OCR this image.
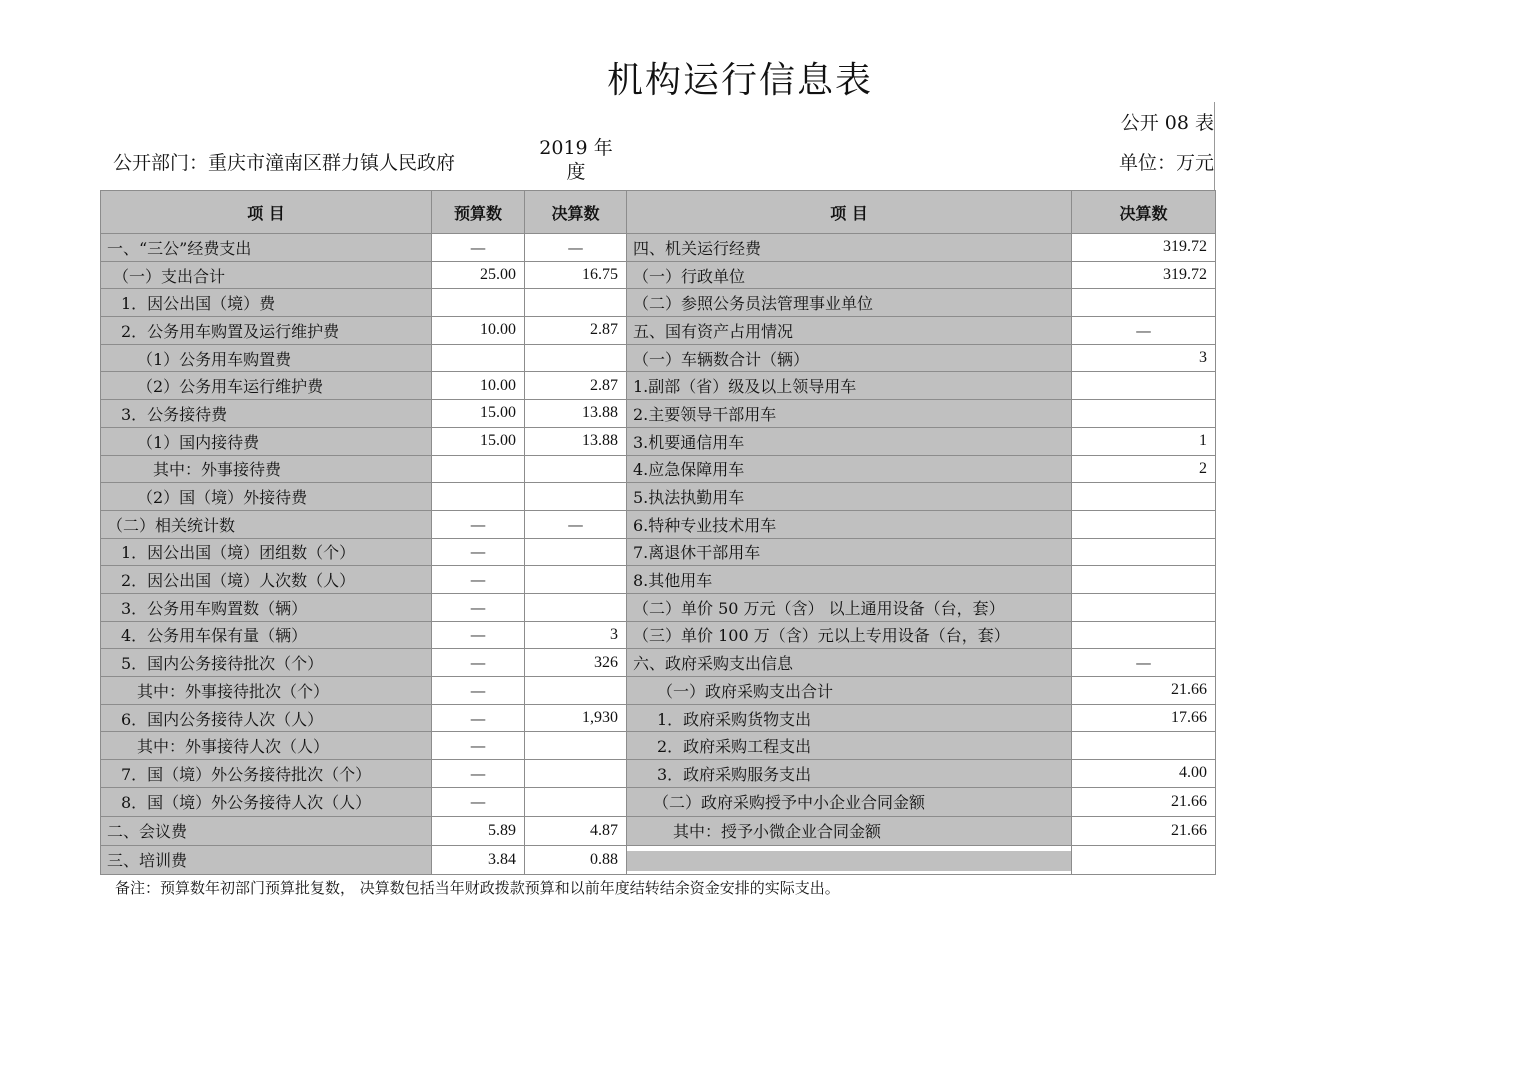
机构运行信息表
公开 08 表
公开部门：重庆市潼南区群力镇人民政府
2019 年度	单位：万元
项 目	预算数	决算数	项 目	决算数
一、“三公”经费支出	—	—	四、机关运行经费	319.72
（一）支出合计	25.00	16.75	（一）行政单位	319.72
1．因公出国（境）费			（二）参照公务员法管理事业单位	
2．公务用车购置及运行维护费	10.00	2.87	五、国有资产占用情况	—
（1）公务用车购置费			（一）车辆数合计（辆）	3
（2）公务用车运行维护费	10.00	2.87	1.副部（省）级及以上领导用车	
3．公务接待费	15.00	13.88	2.主要领导干部用车	
（1）国内接待费	15.00	13.88	3.机要通信用车	1
其中：外事接待费			4.应急保障用车	2
（2）国（境）外接待费			5.执法执勤用车	
（二）相关统计数	—	—	6.特种专业技术用车	
1．因公出国（境）团组数（个）	—		7.离退休干部用车	
2．因公出国（境）人次数（人）	—		8.其他用车	
3．公务用车购置数（辆）	—		（二）单价 50 万元（含） 以上通用设备（台，套）	
4．公务用车保有量（辆）	—	3	（三）单价 100 万（含）元以上专用设备（台，套）	
5．国内公务接待批次（个）	—	326	六、政府采购支出信息	—
其中：外事接待批次（个）	—		（一）政府采购支出合计	21.66
6．国内公务接待人次（人）	—	1,930	1．政府采购货物支出	17.66
其中：外事接待人次（人）	—		2．政府采购工程支出	
7．国（境）外公务接待批次（个）	—		3．政府采购服务支出	4.00
8．国（境）外公务接待人次（人）	—		（二）政府采购授予中小企业合同金额	21.66
二、会议费	5.89	4.87	其中：授予小微企业合同金额	21.66
三、培训费	3.84	0.88	

备注：预算数年初部门预算批复数， 决算数包括当年财政拨款预算和以前年度结转结余资金安排的实际支出。
